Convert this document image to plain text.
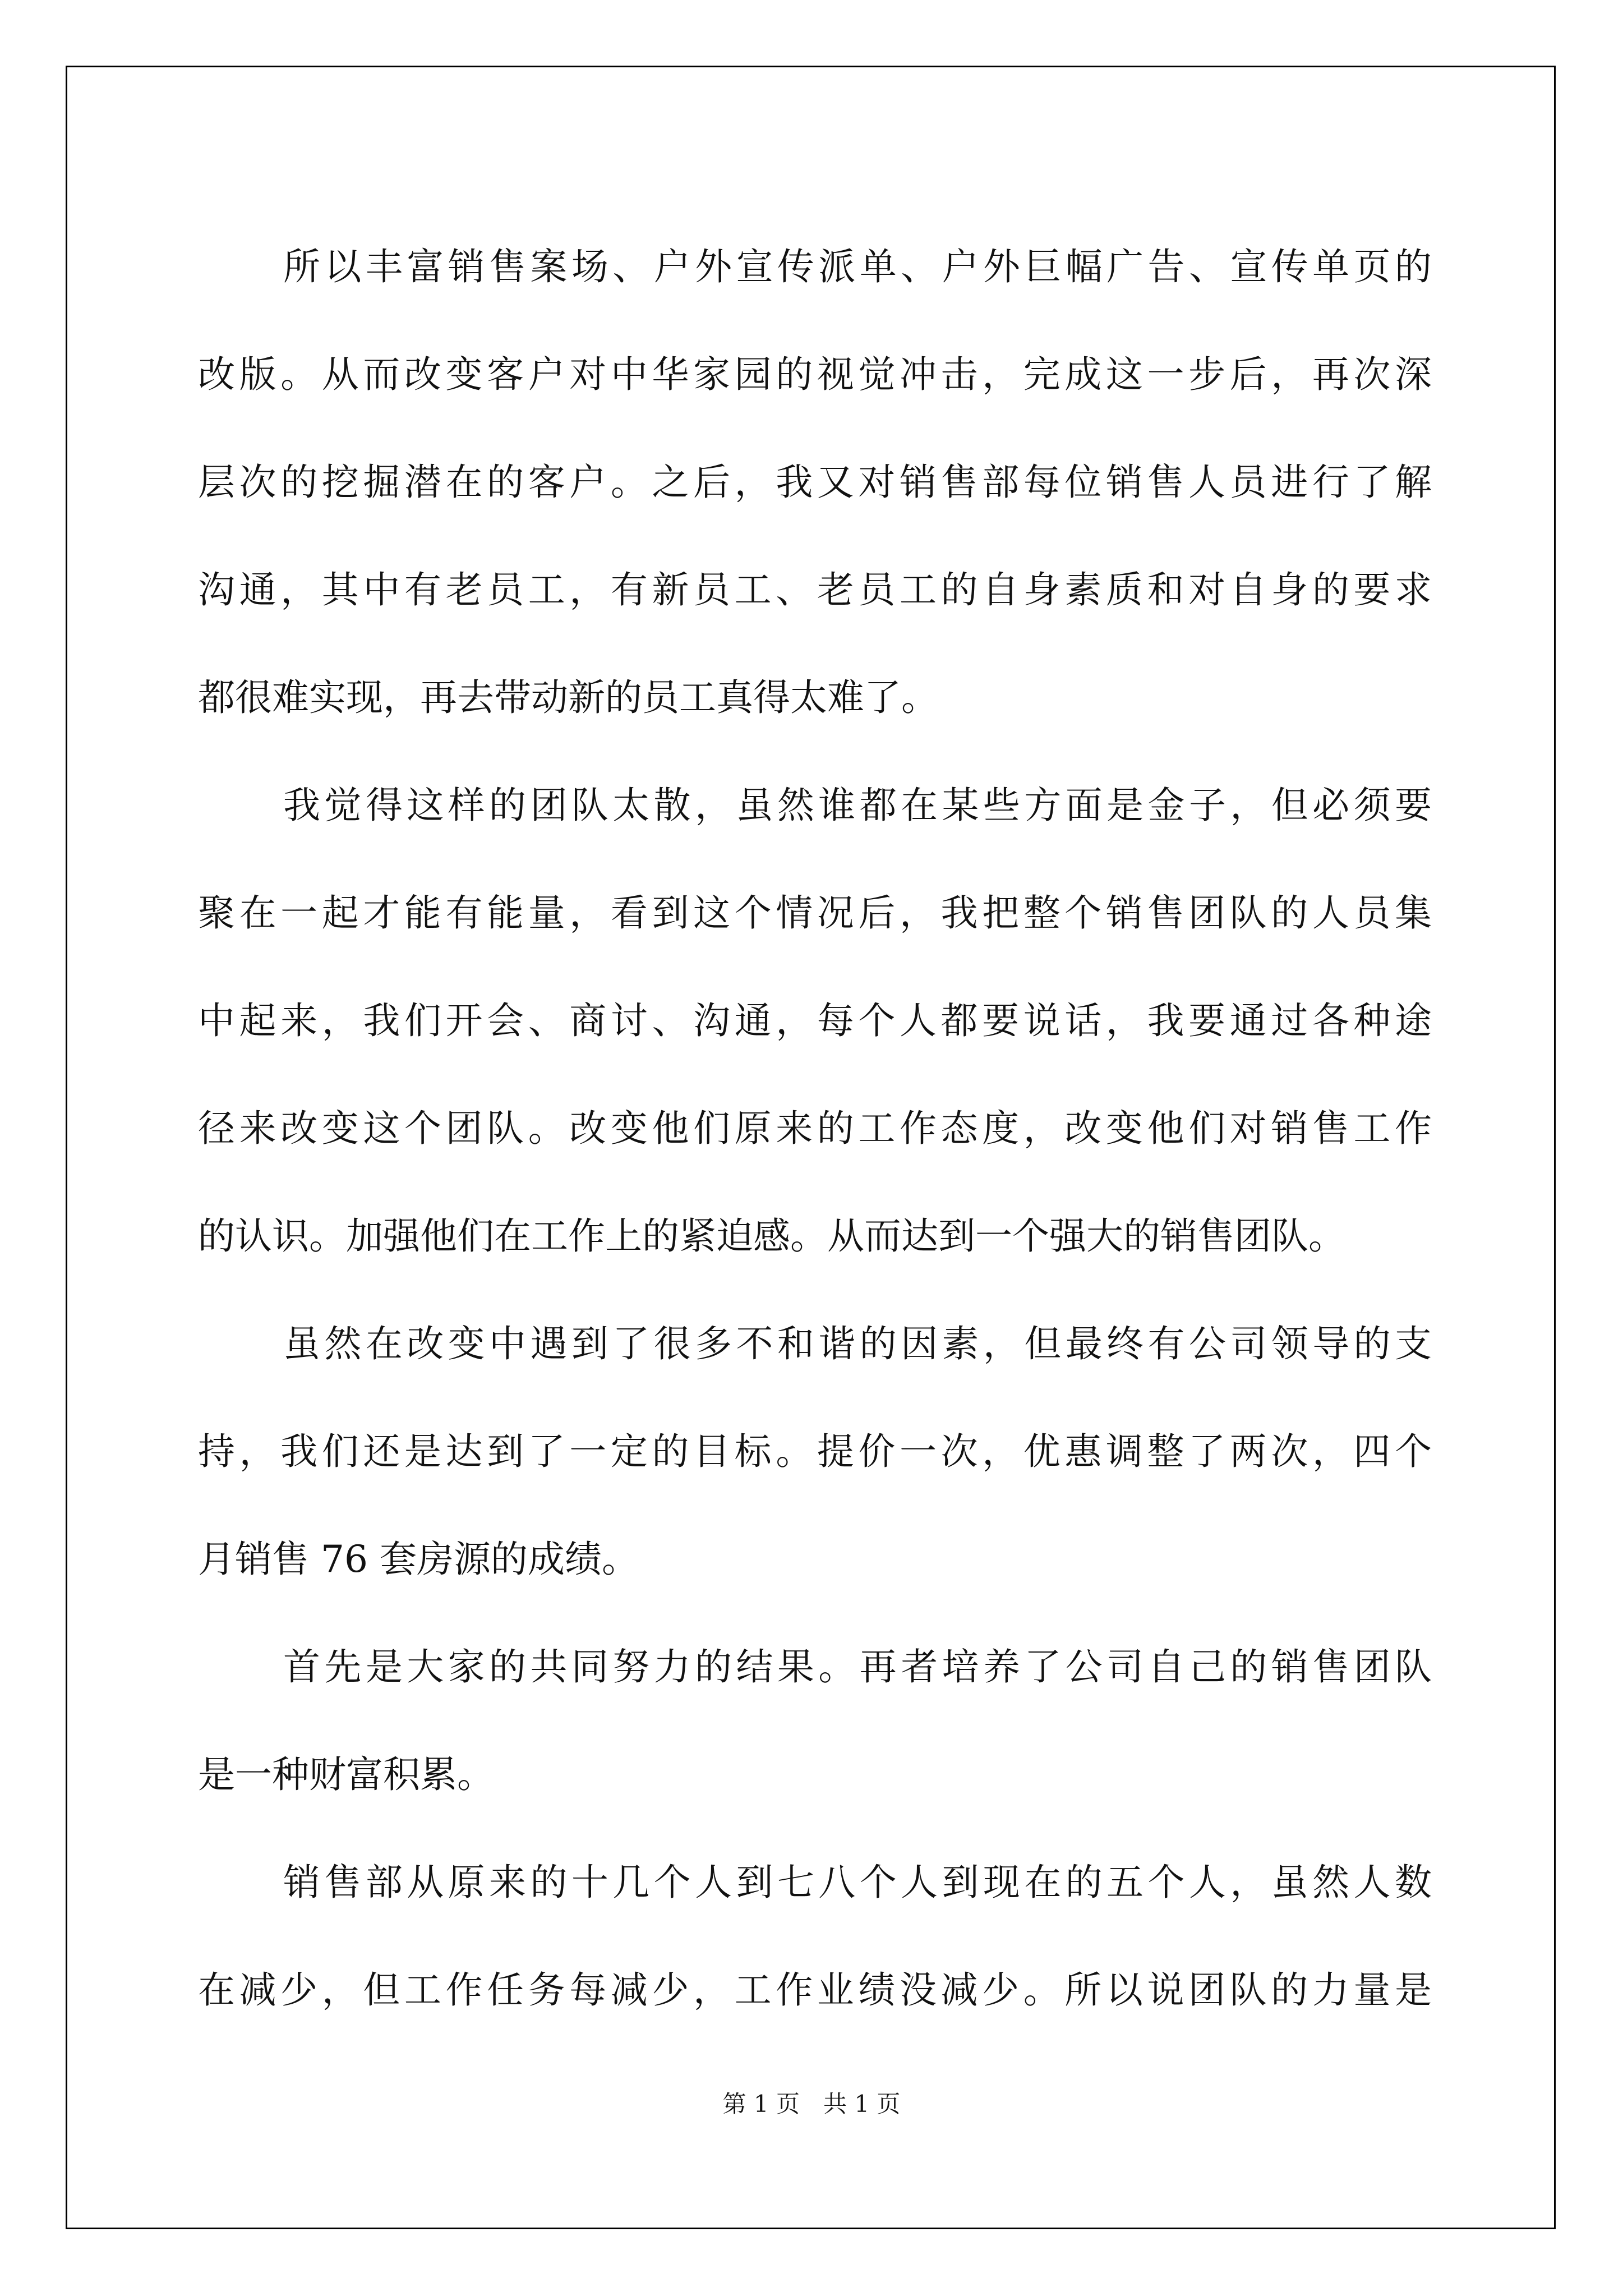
所以丰富销售案场、户外宣传派单、户外巨幅广告、宣传单页的
改版。从而改变客户对中华家园的视觉冲击，完成这一步后，再次深
层次的挖掘潜在的客户。之后，我又对销售部每位销售人员进行了解
沟通，其中有老员工，有新员工、老员工的自身素质和对自身的要求
都很难实现，再去带动新的员工真得太难了。
我觉得这样的团队太散，虽然谁都在某些方面是金子，但必须要
聚在一起才能有能量，看到这个情况后，我把整个销售团队的人员集
中起来，我们开会、商讨、沟通，每个人都要说话，我要通过各种途
径来改变这个团队。改变他们原来的工作态度，改变他们对销售工作
的认识。加强他们在工作上的紧迫感。从而达到一个强大的销售团队。
虽然在改变中遇到了很多不和谐的因素，但最终有公司领导的支
持，我们还是达到了一定的目标。提价一次，优惠调整了两次，四个
月销售 76 套房源的成绩。
首先是大家的共同努力的结果。再者培养了公司自己的销售团队
是一种财富积累。
销售部从原来的十几个人到七八个人到现在的五个人，虽然人数
在减少，但工作任务每减少，工作业绩没减少。所以说团队的力量是
第 1 页　共 1 页
